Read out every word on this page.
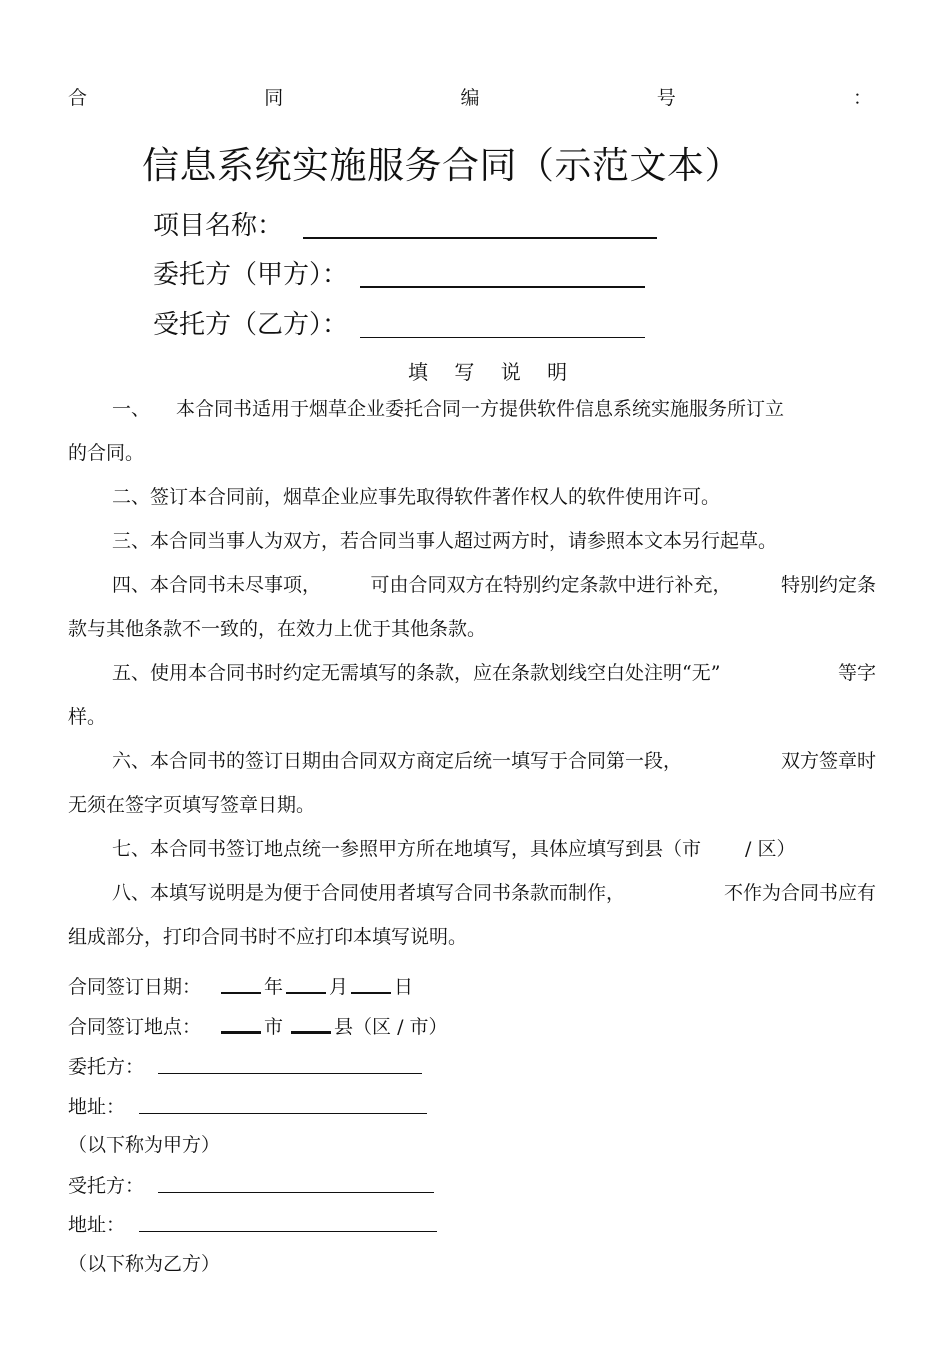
合	同	编	号	：
信息系统实施服务合同（示范文本）
项目名称：
委托方（甲方）：
受托方（乙方）：
填 写 说 明
一、 本合同书适用于烟草企业委托合同一方提供软件信息系统实施服务所订立
的合同。
二、签订本合同前，烟草企业应事先取得软件著作权人的软件使用许可。
三、本合同当事人为双方，若合同当事人超过两方时，请参照本文本另行起草。
四、本合同书未尽事项，	可由合同双方在特别约定条款中进行补充，	特别约定条
款与其他条款不一致的，在效力上优于其他条款。
五、使用本合同书时约定无需填写的条款，应在条款划线空白处注明“无”	等字
样。
六、本合同书的签订日期由合同双方商定后统一填写于合同第一段，	双方签章时
无须在签字页填写签章日期。
七、本合同书签订地点统一参照甲方所在地填写，具体应填写到县（市 / 区）
八、本填写说明是为便于合同使用者填写合同书条款而制作，	不作为合同书应有
组成部分，打印合同书时不应打印本填写说明。
合同签订日期：	年 月 日
合同签订地点：	市	县（区 / 市）
委托方：
地址：
（以下称为甲方）
受托方：
地址：
（以下称为乙方）
